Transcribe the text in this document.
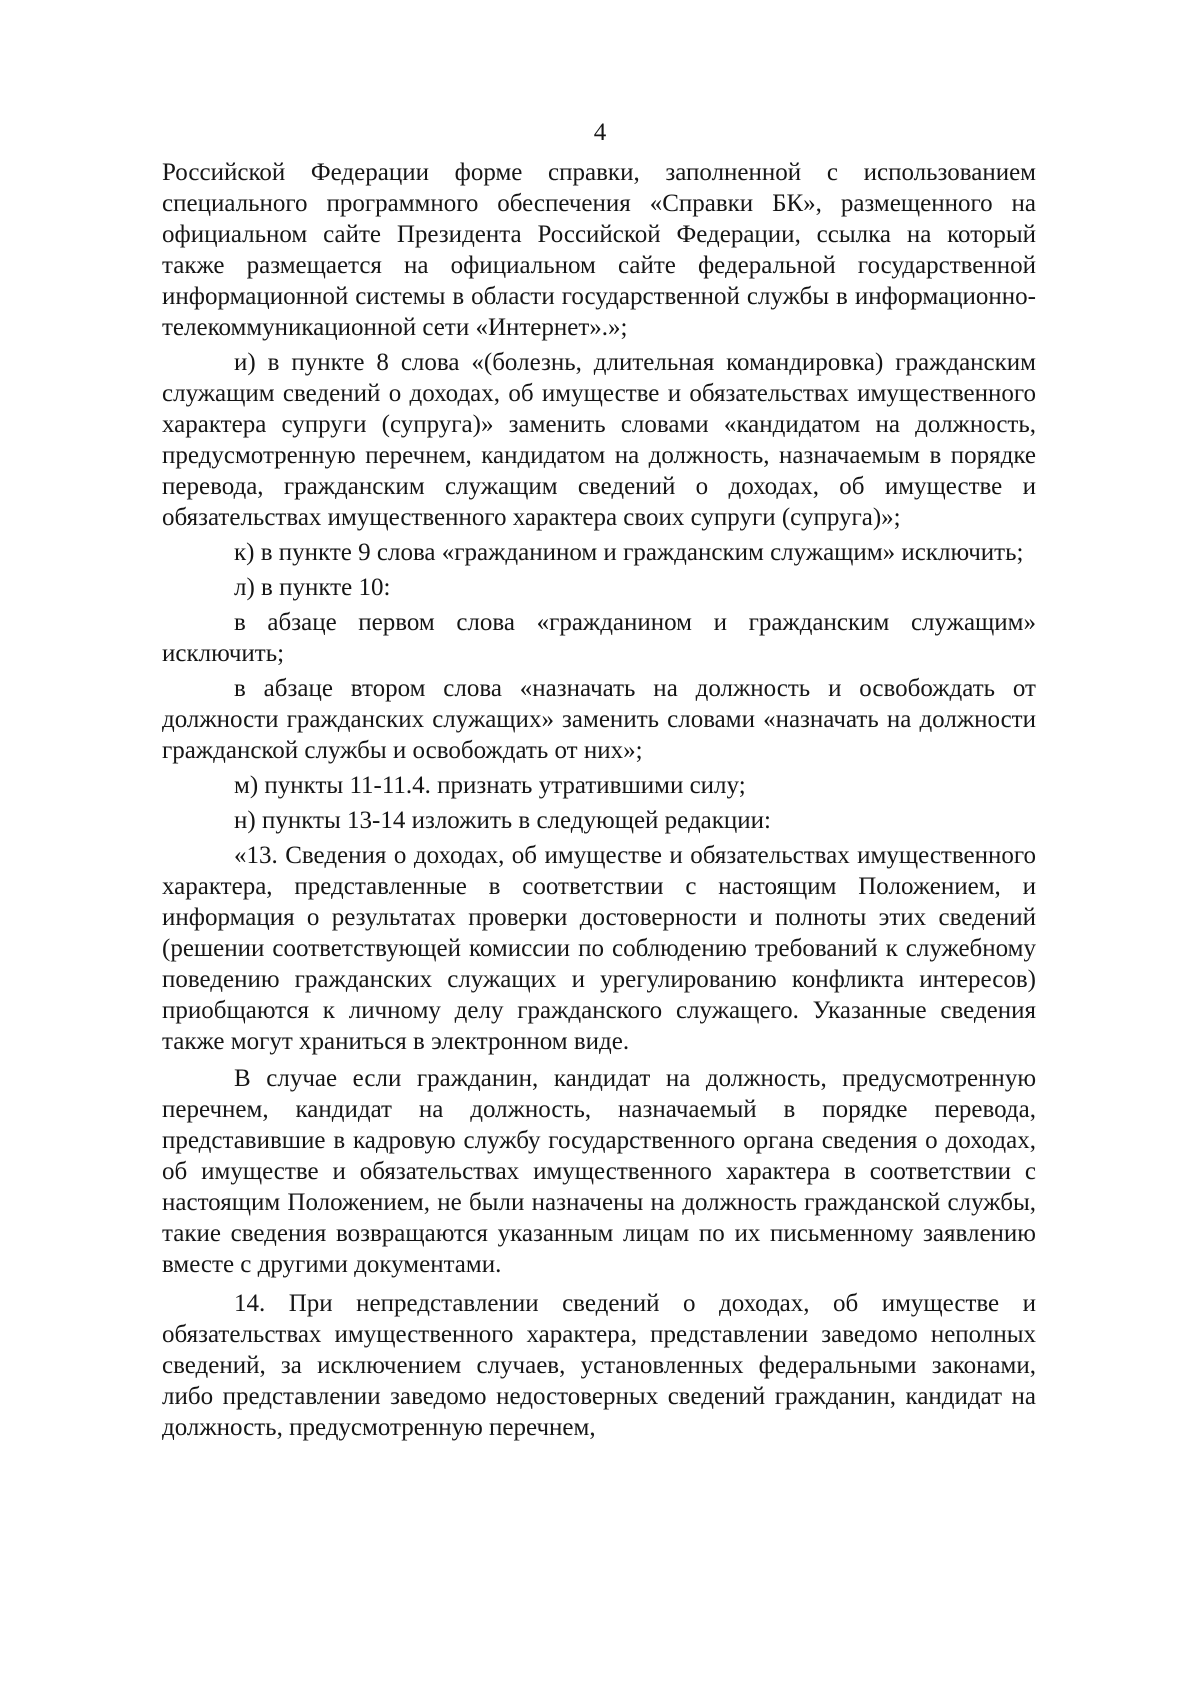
4

Российской Федерации форме справки, заполненной с использованием специального программного обеспечения «Справки БК», размещенного на официальном сайте Президента Российской Федерации, ссылка на который также размещается на официальном сайте федеральной государственной информационной системы в области государственной службы в информационно-телекоммуникационной сети «Интернет».»;

и) в пункте 8 слова «(болезнь, длительная командировка) гражданским служащим сведений о доходах, об имуществе и обязательствах имущественного характера супруги (супруга)» заменить словами «кандидатом на должность, предусмотренную перечнем, кандидатом на должность, назначаемым в порядке перевода, гражданским служащим сведений о доходах, об имуществе и обязательствах имущественного характера своих супруги (супруга)»;

к) в пункте 9 слова «гражданином и гражданским служащим» исключить;

л) в пункте 10:

в абзаце первом слова «гражданином и гражданским служащим» исключить;

в абзаце втором слова «назначать на должность и освобождать от должности гражданских служащих» заменить словами «назначать на должности гражданской службы и освобождать от них»;

м) пункты 11-11.4. признать утратившими силу;

н) пункты 13-14 изложить в следующей редакции:

«13. Сведения о доходах, об имуществе и обязательствах имущественного характера, представленные в соответствии с настоящим Положением, и информация о результатах проверки достоверности и полноты этих сведений (решении соответствующей комиссии по соблюдению требований к служебному поведению гражданских служащих и урегулированию конфликта интересов) приобщаются к личному делу гражданского служащего. Указанные сведения также могут храниться в электронном виде.

В случае если гражданин, кандидат на должность, предусмотренную перечнем, кандидат на должность, назначаемый в порядке перевода, представившие в кадровую службу государственного органа сведения о доходах, об имуществе и обязательствах имущественного характера в соответствии с настоящим Положением, не были назначены на должность гражданской службы, такие сведения возвращаются указанным лицам по их письменному заявлению вместе с другими документами.

14. При непредставлении сведений о доходах, об имуществе и обязательствах имущественного характера, представлении заведомо неполных сведений, за исключением случаев, установленных федеральными законами, либо представлении заведомо недостоверных сведений гражданин, кандидат на должность, предусмотренную перечнем,
